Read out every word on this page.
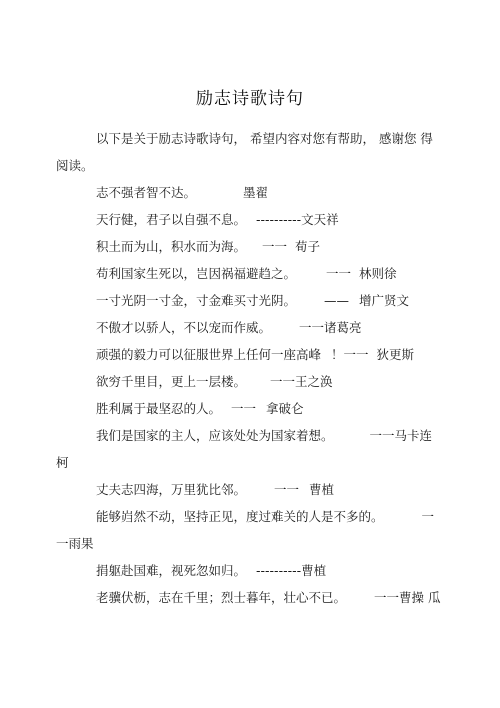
励志诗歌诗句
以下是关于励志诗歌诗句， 希望内容对您有帮助， 感谢您 得
阅读。
志不强者智不达。	墨翟
天行健，君子以自强不息。 ----------文天祥
积土而为山，积水而为海。 一一 荀子
苟利国家生死以，岂因祸福避趋之。 一一 林则徐
一寸光阴一寸金，寸金难买寸光阴。 —— 增广贤文
不傲才以骄人，不以宠而作威。 一一诸葛亮
顽强的毅力可以征服世界上任何一座高峰 ！一一 狄更斯
欲穷千里目，更上一层楼。 一一王之涣
胜利属于最坚忍的人。 一一 拿破仑
我们是国家的主人，应该处处为国家着想。	一一马卡连
柯
丈夫志四海，万里犹比邻。 一一 曹植
能够岿然不动，坚持正见，度过难关的人是不多的。	一
一雨果
捐躯赴国难，视死忽如归。 ----------曹植
老骥伏枥，志在千里；烈士暮年，壮心不已。 一一曹操 瓜
